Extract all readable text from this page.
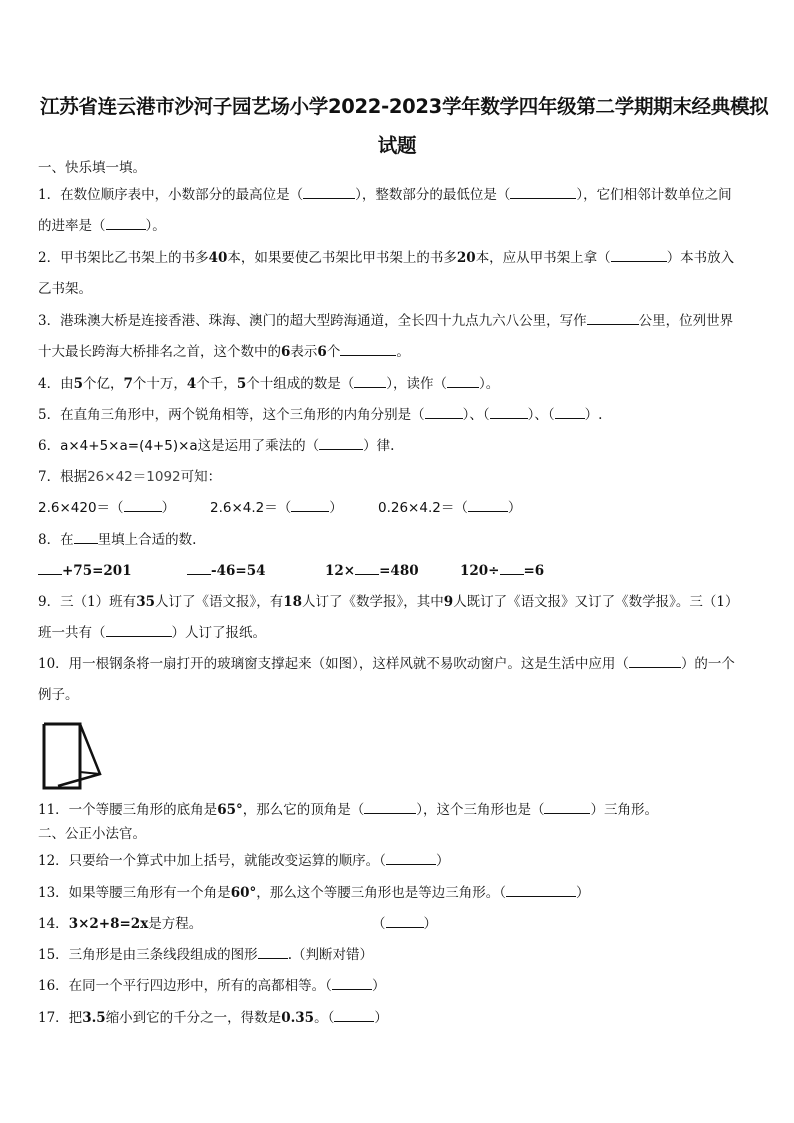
江苏省连云港市沙河子园艺场小学2022-2023学年数学四年级第二学期期末经典模拟
试题
一、快乐填一填。
1．在数位顺序表中，小数部分的最高位是（	），整数部分的最低位是（	），它们相邻计数单位之间
的进率是（	）。
2．甲书架比乙书架上的书多40本，如果要使乙书架比甲书架上的书多20本，应从甲书架上拿（	）本书放入
乙书架。
3．港珠澳大桥是连接香港、珠海、澳门的超大型跨海通道，全长四十九点九六八公里，写作	公里，位列世界
十大最长跨海大桥排名之首，这个数中的6表示6个	。
4．由5个亿，7个十万，4个千，5个十组成的数是（ ），读作（ ）。
5．在直角三角形中，两个锐角相等，这个三角形的内角分别是（	）、（	）、（ ）.
6．a×4+5×a=(4+5)×a这是运用了乘法的（	）律.
7．根据26×42＝1092可知：
2.6×420＝（	）	2.6×4.2＝（	）	0.26×4.2＝（	）
8．在 里填上合适的数.
+75=201	-46=54	12× =480	120÷ =6
9．三（1）班有35人订了《语文报》，有18人订了《数学报》，其中9人既订了《语文报》又订了《数学报》。三（1）
班一共有（	）人订了报纸。
10．用一根钢条将一扇打开的玻璃窗支撑起来（如图），这样风就不易吹动窗户。这是生活中应用（	）的一个
例子。
11．一个等腰三角形的底角是65°，那么它的顶角是（	），这个三角形也是（	）三角形。
二、公正小法官。
12．只要给一个算式中加上括号，就能改变运算的顺序。（	）
13．如果等腰三角形有一个角是60°，那么这个等腰三角形也是等边三角形。（	）
14．3×2+8=2x是方程。	（	）
15．三角形是由三条线段组成的图形 .（判断对错）
16．在同一个平行四边形中，所有的高都相等。（	）
17．把3.5缩小到它的千分之一，得数是0.35。（	）
